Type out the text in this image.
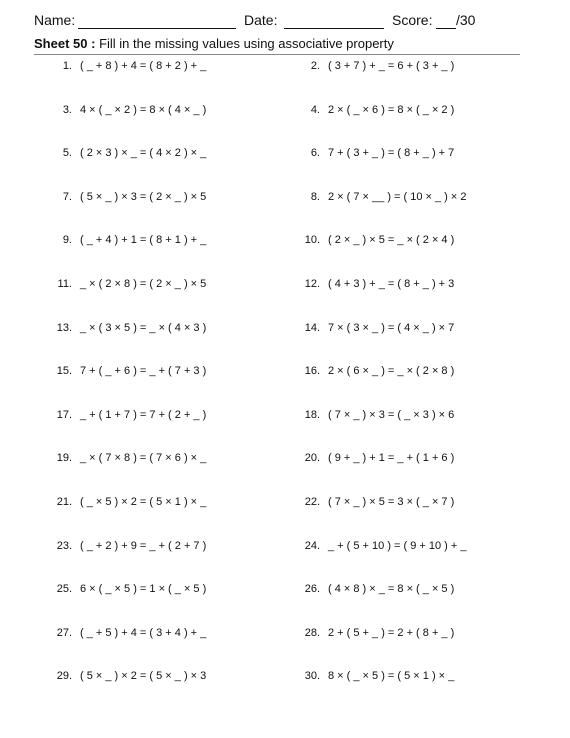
Name:	Date:	Score: /30
Sheet 50 : Fill in the missing values using associative property
1. ( _ + 8 ) + 4 = ( 8 + 2 ) + _	2. ( 3 + 7 ) + _ = 6 + ( 3 + _ )
3. 4 × ( _ × 2 ) = 8 × ( 4 × _ )	4. 2 × ( _ × 6 ) = 8 × ( _ × 2 )
5. ( 2 × 3 ) × _ = ( 4 × 2 ) × _	6. 7 + ( 3 + _ ) = ( 8 + _ ) + 7
7. ( 5 × _ ) × 3 = ( 2 × _ ) × 5	8. 2 × ( 7 × __ ) = ( 10 × _ ) × 2
9. ( _ + 4 ) + 1 = ( 8 + 1 ) + _	10. ( 2 × _ ) × 5 = _ × ( 2 × 4 )
11. _ × ( 2 × 8 ) = ( 2 × _ ) × 5	12. ( 4 + 3 ) + _ = ( 8 + _ ) + 3
13. _ × ( 3 × 5 ) = _ × ( 4 × 3 )	14. 7 × ( 3 × _ ) = ( 4 × _ ) × 7
15. 7 + ( _ + 6 ) = _ + ( 7 + 3 )	16. 2 × ( 6 × _ ) = _ × ( 2 × 8 )
17. _ + ( 1 + 7 ) = 7 + ( 2 + _ )	18. ( 7 × _ ) × 3 = ( _ × 3 ) × 6
19. _ × ( 7 × 8 ) = ( 7 × 6 ) × _	20. ( 9 + _ ) + 1 = _ + ( 1 + 6 )
21. ( _ × 5 ) × 2 = ( 5 × 1 ) × _	22. ( 7 × _ ) × 5 = 3 × ( _ × 7 )
23. ( _ + 2 ) + 9 = _ + ( 2 + 7 )	24. _ + ( 5 + 10 ) = ( 9 + 10 ) + _
25. 6 × ( _ × 5 ) = 1 × ( _ × 5 )	26. ( 4 × 8 ) × _ = 8 × ( _ × 5 )
27. ( _ + 5 ) + 4 = ( 3 + 4 ) + _	28. 2 + ( 5 + _ ) = 2 + ( 8 + _ )
29. ( 5 × _ ) × 2 = ( 5 × _ ) × 3	30. 8 × ( _ × 5 ) = ( 5 × 1 ) × _
